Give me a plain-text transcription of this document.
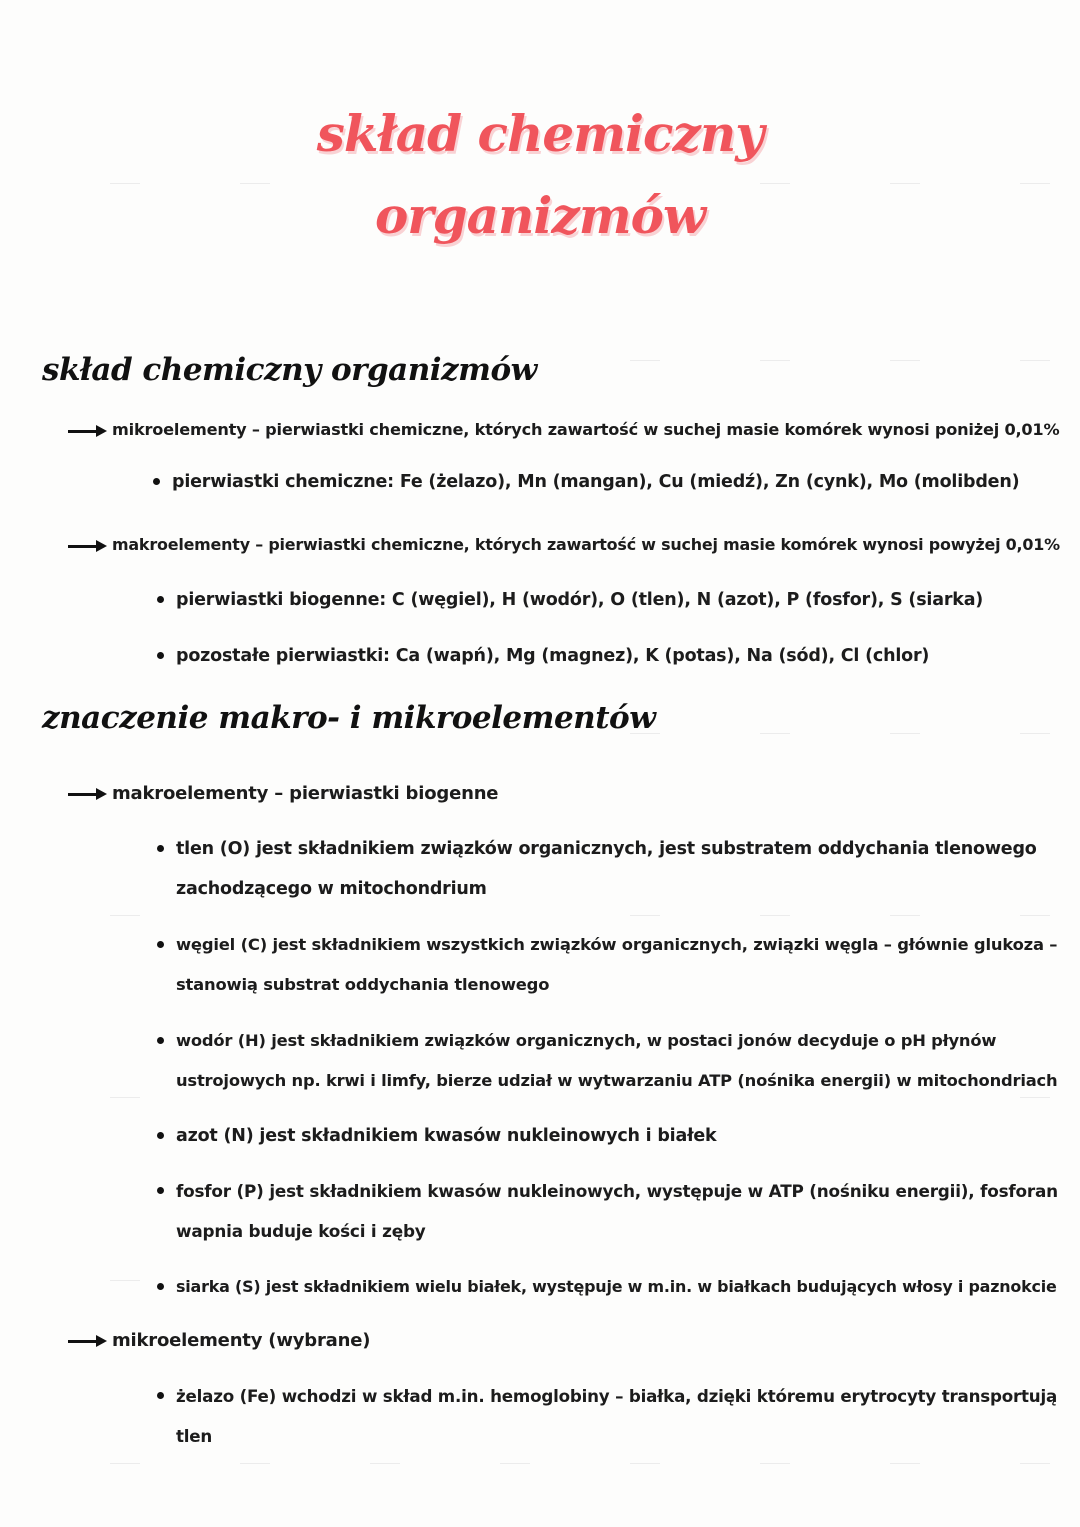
skład chemiczny
organizmów
skład chemiczny organizmów
mikroelementy – pierwiastki chemiczne, których zawartość w suchej masie komórek wynosi poniżej 0,01%
pierwiastki chemiczne: Fe (żelazo), Mn (mangan), Cu (miedź), Zn (cynk), Mo (molibden)
makroelementy – pierwiastki chemiczne, których zawartość w suchej masie komórek wynosi powyżej 0,01%
pierwiastki biogenne: C (węgiel), H (wodór), O (tlen), N (azot), P (fosfor), S (siarka)
pozostałe pierwiastki: Ca (wapń), Mg (magnez), K (potas), Na (sód), Cl (chlor)
znaczenie makro- i mikroelementów
makroelementy – pierwiastki biogenne
tlen (O) jest składnikiem związków organicznych, jest substratem oddychania tlenowego
zachodzącego w mitochondrium
węgiel (C) jest składnikiem wszystkich związków organicznych, związki węgla – głównie glukoza –
stanowią substrat oddychania tlenowego
wodór (H) jest składnikiem związków organicznych, w postaci jonów decyduje o pH płynów
ustrojowych np. krwi i limfy, bierze udział w wytwarzaniu ATP (nośnika energii) w mitochondriach
azot (N) jest składnikiem kwasów nukleinowych i białek
fosfor (P) jest składnikiem kwasów nukleinowych, występuje w ATP (nośniku energii), fosforan
wapnia buduje kości i zęby
siarka (S) jest składnikiem wielu białek, występuje w m.in. w białkach budujących włosy i paznokcie
mikroelementy (wybrane)
żelazo (Fe) wchodzi w skład m.in. hemoglobiny – białka, dzięki któremu erytrocyty transportują
tlen
